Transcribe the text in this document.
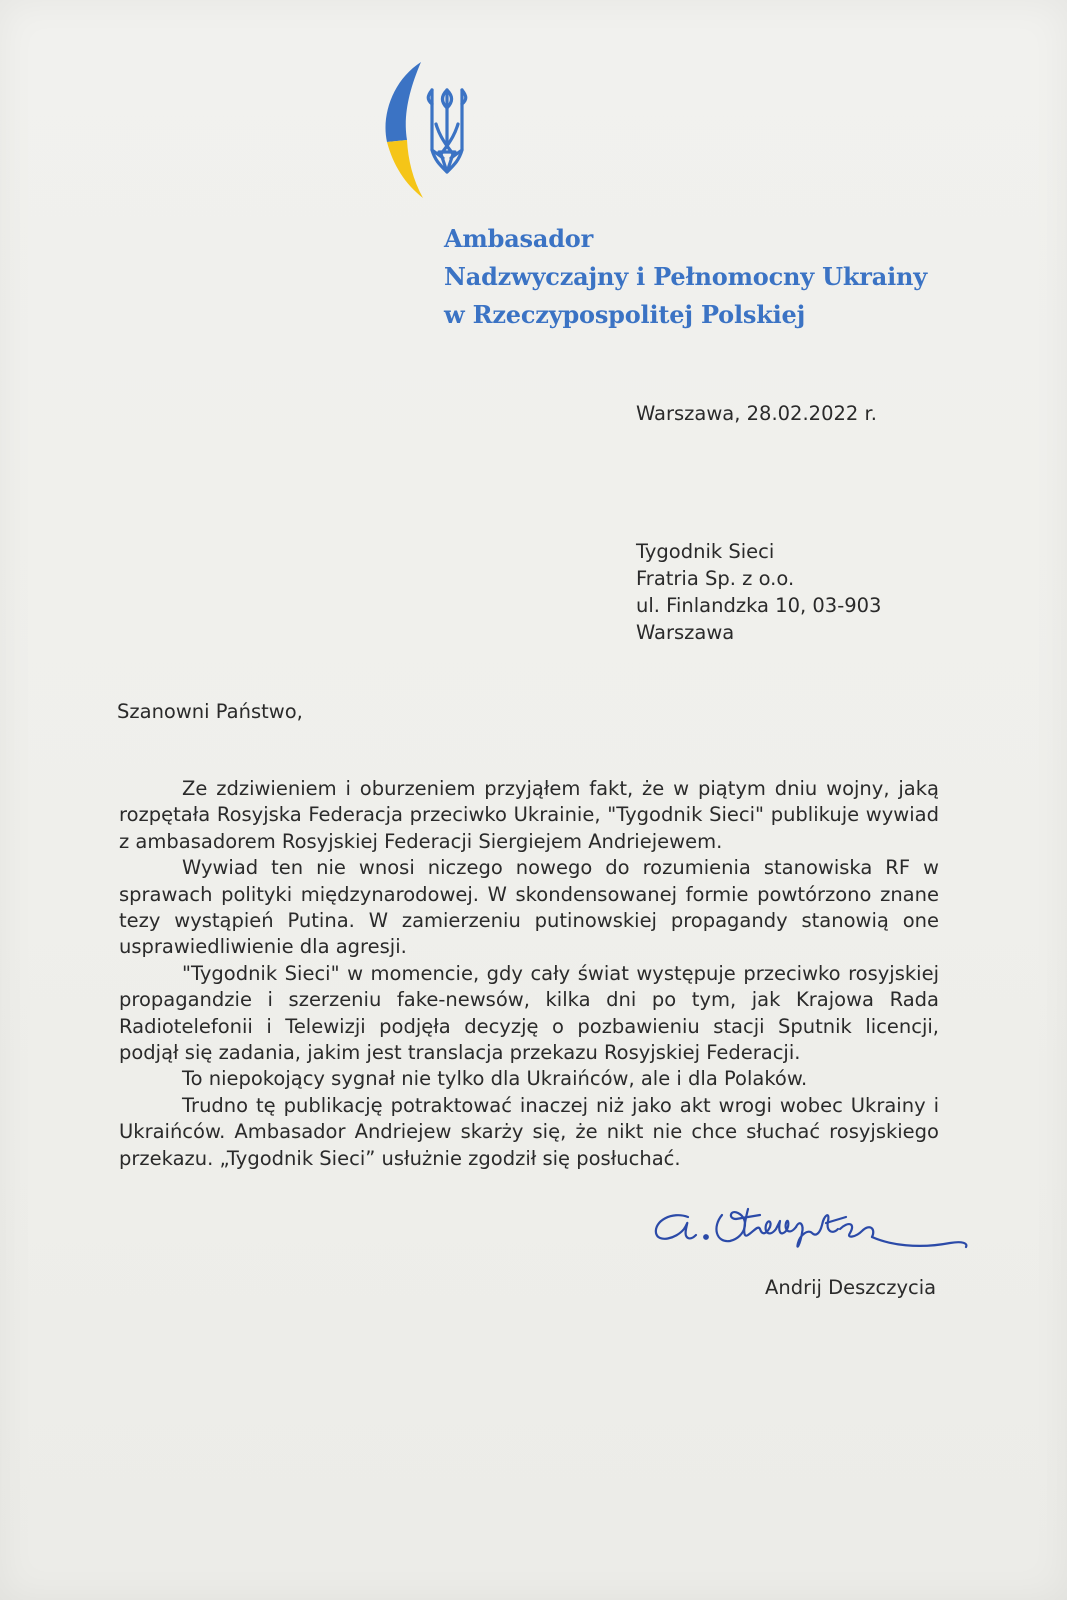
Ambasador
Nadzwyczajny i Pełnomocny Ukrainy
w Rzeczypospolitej Polskiej
Warszawa, 28.02.2022 r.
Tygodnik Sieci
Fratria Sp. z o.o.
ul. Finlandzka 10, 03-903
Warszawa
Szanowni Państwo,

Ze zdziwieniem i oburzeniem przyjąłem fakt, że w piątym dniu wojny, jaką rozpętała Rosyjska Federacja przeciwko Ukrainie, "Tygodnik Sieci" publikuje wywiad z ambasadorem Rosyjskiej Federacji Siergiejem Andriejewem.

Wywiad ten nie wnosi niczego nowego do rozumienia stanowiska RF w sprawach polityki międzynarodowej. W skondensowanej formie powtórzono znane tezy wystąpień Putina. W zamierzeniu putinowskiej propagandy stanowią one usprawiedliwienie dla agresji.

"Tygodnik Sieci" w momencie, gdy cały świat występuje przeciwko rosyjskiej propagandzie i szerzeniu fake-newsów, kilka dni po tym, jak Krajowa Rada Radiotelefonii i Telewizji podjęła decyzję o pozbawieniu stacji Sputnik licencji, podjął się zadania, jakim jest translacja przekazu Rosyjskiej Federacji.

To niepokojący sygnał nie tylko dla Ukraińców, ale i dla Polaków.

Trudno tę publikację potraktować inaczej niż jako akt wrogi wobec Ukrainy i Ukraińców. Ambasador Andriejew skarży się, że nikt nie chce słuchać rosyjskiego przekazu. „Tygodnik Sieci” usłużnie zgodził się posłuchać.

Andrij Deszczycia
